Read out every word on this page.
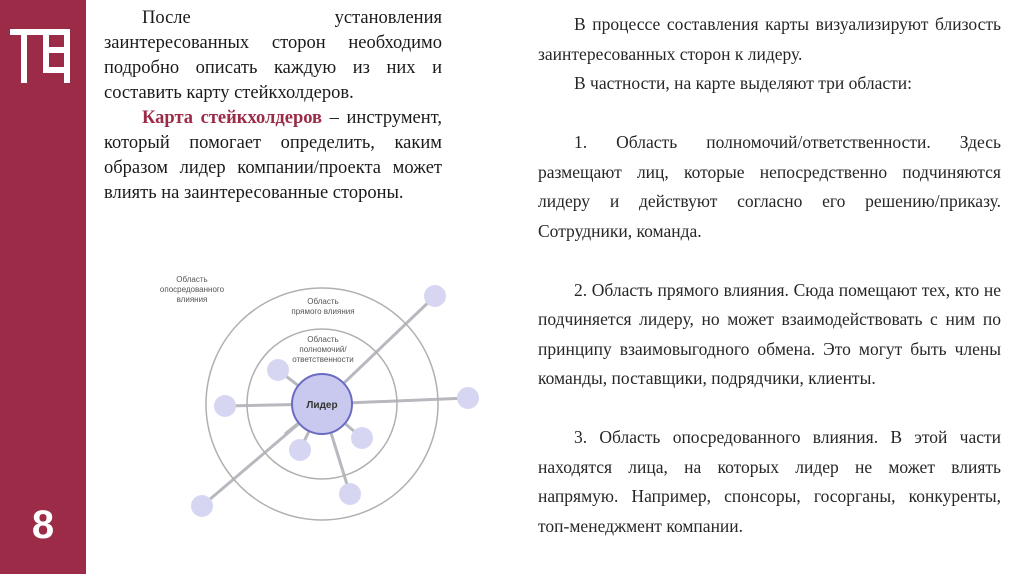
8

После установления заинтересованных сторон необходимо подробно описать каждую из них и составить карту стейкхолдеров.

Карта стейкхолдеров – инструмент, который помогает определить, каким образом лидер компании/проекта может влиять на заинтересованные стороны.

Область
опосредованного
влияния	Область
прямого влияния
Область
полномочий/
ответственности
Лидер

В процессе составления карты визуализируют близость заинтересованных сторон к лидеру.

В частности, на карте выделяют три области:

1. Область полномочий/ответственности. Здесь размещают лиц, которые непосредственно подчиняются лидеру и действуют согласно его решению/приказу. Сотрудники, команда.

2. Область прямого влияния. Сюда помещают тех, кто не подчиняется лидеру, но может взаимодействовать с ним по принципу взаимовыгодного обмена. Это могут быть члены команды, поставщики, подрядчики, клиенты.

3. Область опосредованного влияния. В этой части находятся лица, на которых лидер не может влиять напрямую. Например, спонсоры, госорганы, конкуренты, топ-менеджмент компании.
